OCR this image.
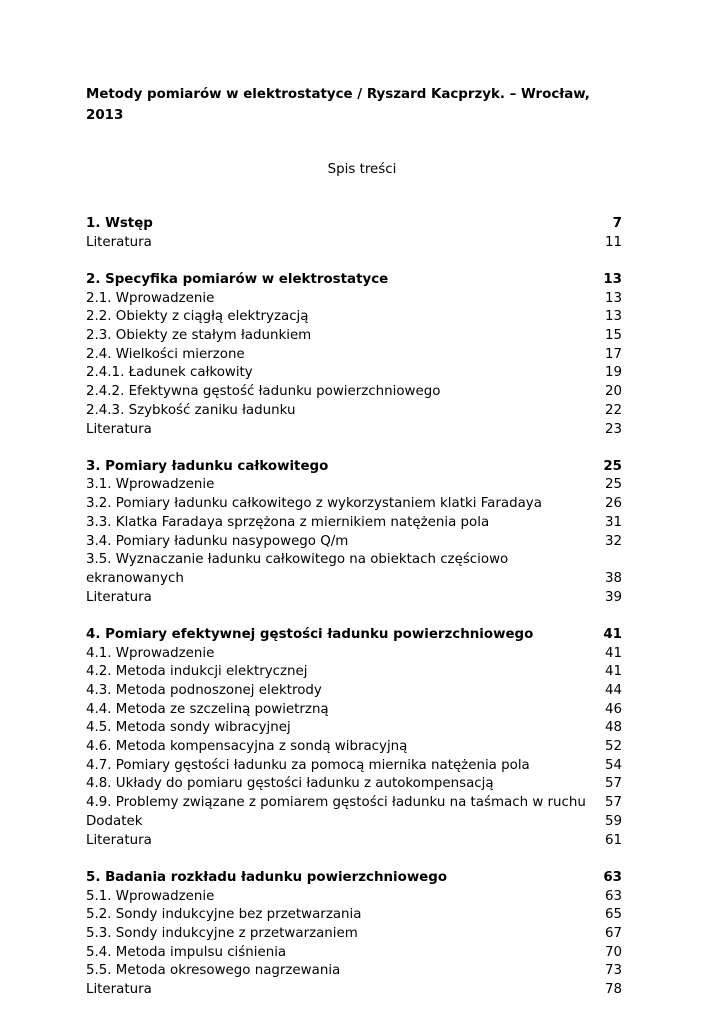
Metody pomiarów w elektrostatyce / Ryszard Kacprzyk. – Wrocław, 2013
Spis treści
1. Wstęp	7
Literatura	11
2. Specyfika pomiarów w elektrostatyce	13
2.1. Wprowadzenie	13
2.2. Obiekty z ciągłą elektryzacją	13
2.3. Obiekty ze stałym ładunkiem	15
2.4. Wielkości mierzone	17
2.4.1. Ładunek całkowity	19
2.4.2. Efektywna gęstość ładunku powierzchniowego	20
2.4.3. Szybkość zaniku ładunku	22
Literatura	23
3. Pomiary ładunku całkowitego	25
3.1. Wprowadzenie	25
3.2. Pomiary ładunku całkowitego z wykorzystaniem klatki Faradaya	26
3.3. Klatka Faradaya sprzężona z miernikiem natężenia pola	31
3.4. Pomiary ładunku nasypowego Q/m	32
3.5. Wyznaczanie ładunku całkowitego na obiektach częściowo
ekranowanych	38
Literatura	39
4. Pomiary efektywnej gęstości ładunku powierzchniowego	41
4.1. Wprowadzenie	41
4.2. Metoda indukcji elektrycznej	41
4.3. Metoda podnoszonej elektrody	44
4.4. Metoda ze szczeliną powietrzną	46
4.5. Metoda sondy wibracyjnej	48
4.6. Metoda kompensacyjna z sondą wibracyjną	52
4.7. Pomiary gęstości ładunku za pomocą miernika natężenia pola	54
4.8. Układy do pomiaru gęstości ładunku z autokompensacją	57
4.9. Problemy związane z pomiarem gęstości ładunku na taśmach w ruchu	57
Dodatek	59
Literatura	61
5. Badania rozkładu ładunku powierzchniowego	63
5.1. Wprowadzenie	63
5.2. Sondy indukcyjne bez przetwarzania	65
5.3. Sondy indukcyjne z przetwarzaniem	67
5.4. Metoda impulsu ciśnienia	70
5.5. Metoda okresowego nagrzewania	73
Literatura	78
